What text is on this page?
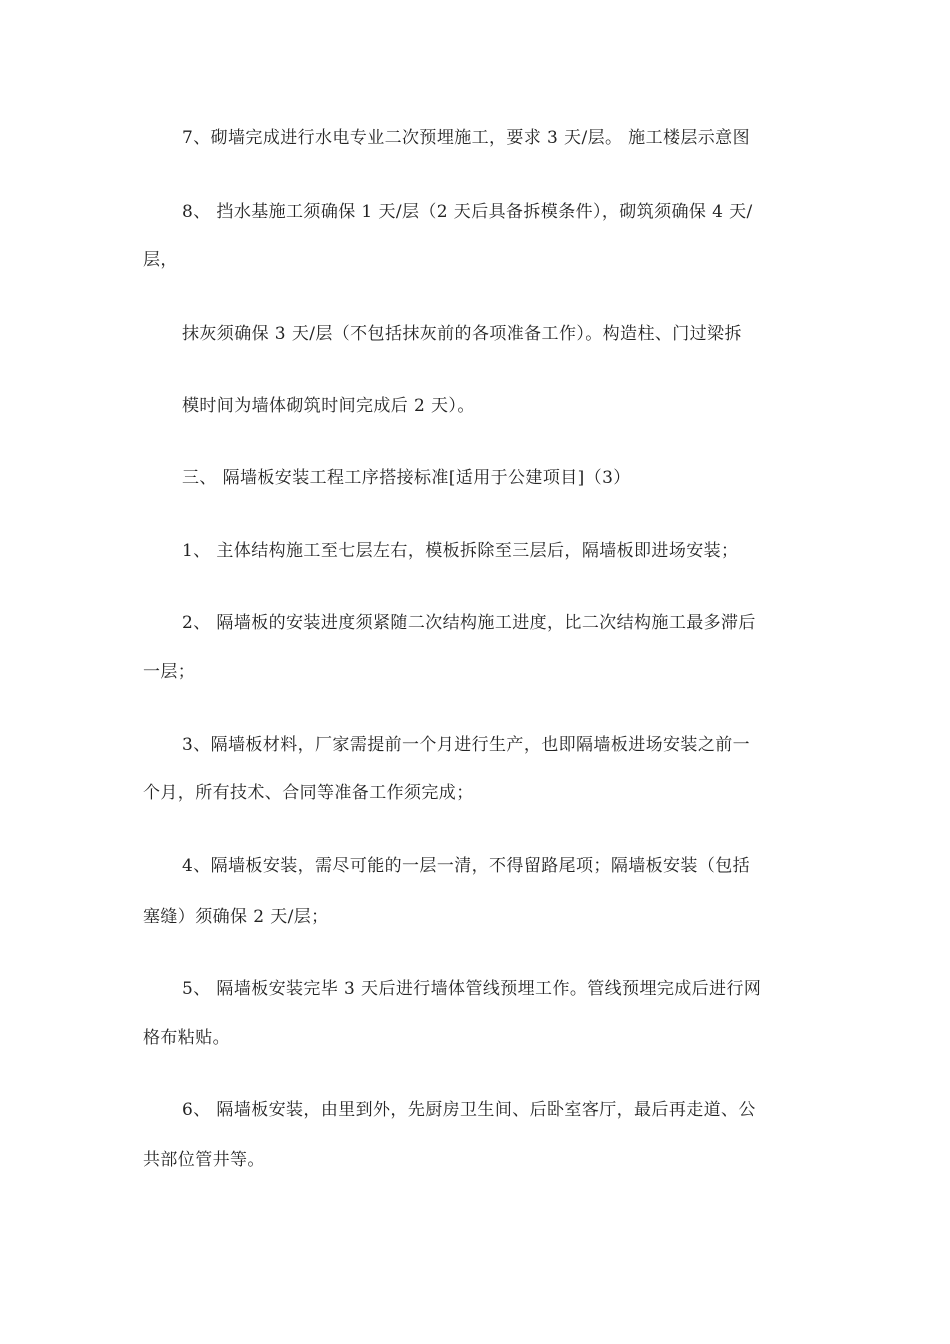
7、砌墙完成进行水电专业二次预埋施工，要求 3 天/层。 施工楼层示意图
8、 挡水基施工须确保 1 天/层（2 天后具备拆模条件），砌筑须确保 4 天/
层，
抹灰须确保 3 天/层（不包括抹灰前的各项准备工作）。构造柱、门过梁拆
模时间为墙体砌筑时间完成后 2 天）。
三、 隔墙板安装工程工序搭接标准[适用于公建项目]（3）
1、 主体结构施工至七层左右，模板拆除至三层后，隔墙板即进场安装；
2、 隔墙板的安装进度须紧随二次结构施工进度，比二次结构施工最多滞后
一层；
3、隔墙板材料，厂家需提前一个月进行生产，也即隔墙板进场安装之前一
个月，所有技术、合同等准备工作须完成；
4、隔墙板安装，需尽可能的一层一清，不得留路尾项；隔墙板安装（包括
塞缝）须确保 2 天/层；
5、 隔墙板安装完毕 3 天后进行墙体管线预埋工作。管线预埋完成后进行网
格布粘贴。
6、 隔墙板安装，由里到外，先厨房卫生间、后卧室客厅，最后再走道、公
共部位管井等。
